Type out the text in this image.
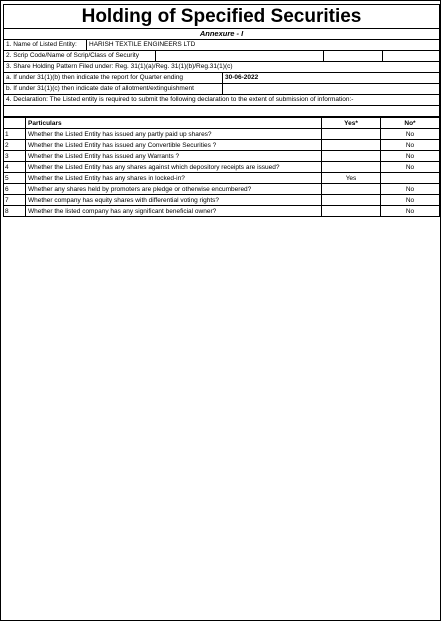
Holding of Specified Securities
Annexure - I
1. Name of Listed Entity:	HARISH TEXTILE ENGINEERS LTD
2. Scrip Code/Name of Scrip/Class of Security
3. Share Holding Pattern Filed under: Reg. 31(1)(a)/Reg. 31(1)(b)/Reg.31(1)(c)
a. If under 31(1)(b) then indicate the report for Quarter ending	30-06-2022
b. If under 31(1)(c) then indicate date of allotment/extinguishment
4. Declaration: The Listed entity is required to submit the following declaration to the extent of submission of information:-
	Particulars	Yes*	No*
1	Whether the Listed Entity has issued any partly paid up shares?		No
2	Whether the Listed Entity has issued any Convertible Securities ?		No
3	Whether the Listed Entity has issued any Warrants ?		No
4	Whether the Listed Entity has any shares against which depository receipts are issued?		No
5	Whether the Listed Entity has any shares in locked-in?	Yes	
6	Whether any shares held by promoters are pledge or otherwise encumbered?		No
7	Whether company has equity shares with differential voting rights?		No
8	Whether the listed company has any significant beneficial owner?		No
